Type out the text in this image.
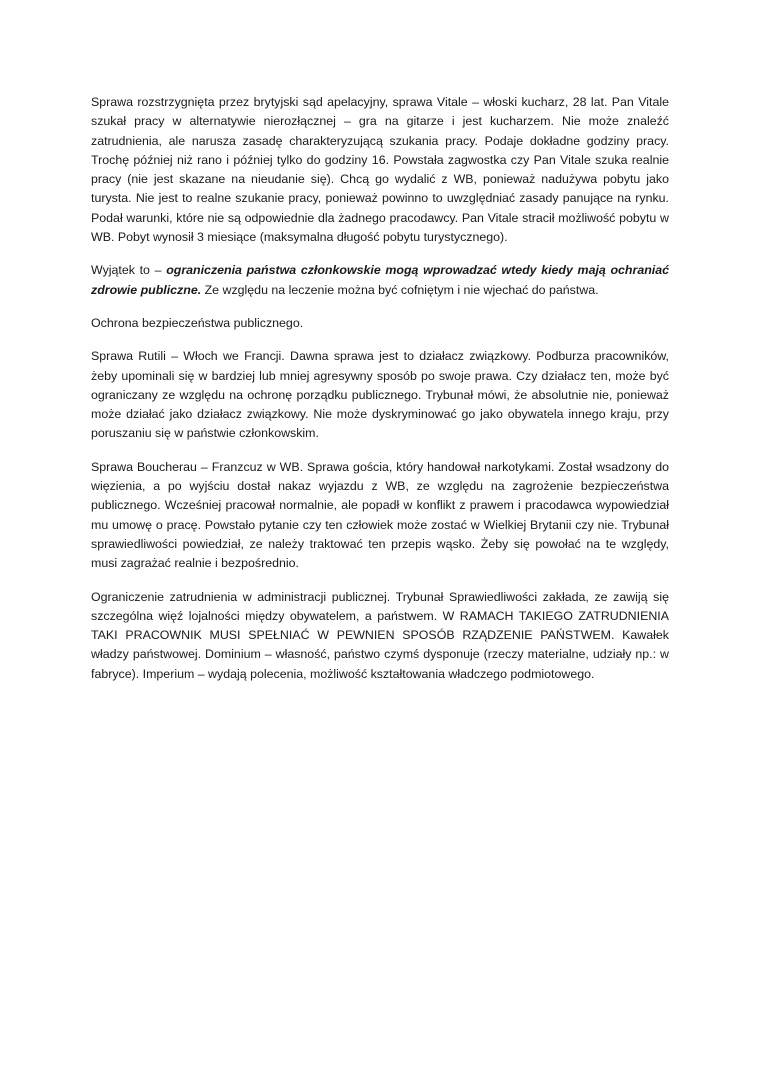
Sprawa rozstrzygnięta przez brytyjski sąd apelacyjny, sprawa Vitale – włoski kucharz, 28 lat. Pan Vitale szukał pracy w alternatywie nierozłącznej – gra na gitarze i jest kucharzem. Nie może znaleźć zatrudnienia, ale narusza zasadę charakteryzującą szukania pracy. Podaje dokładne godziny pracy. Trochę później niż rano i później tylko do godziny 16. Powstała zagwostka czy Pan Vitale szuka realnie pracy (nie jest skazane na nieudanie się). Chcą go wydalić z WB, ponieważ nadużywa pobytu jako turysta. Nie jest to realne szukanie pracy, ponieważ powinno to uwzględniać zasady panujące na rynku. Podał warunki, które nie są odpowiednie dla żadnego pracodawcy. Pan Vitale stracił możliwość pobytu w WB. Pobyt wynosił 3 miesiące (maksymalna długość pobytu turystycznego).

Wyjątek to – ograniczenia państwa członkowskie mogą wprowadzać wtedy kiedy mają ochraniać zdrowie publiczne. Ze względu na leczenie można być cofniętym i nie wjechać do państwa.

Ochrona bezpieczeństwa publicznego.

Sprawa Rutili – Włoch we Francji. Dawna sprawa jest to działacz związkowy. Podburza pracowników, żeby upominali się w bardziej lub mniej agresywny sposób po swoje prawa. Czy działacz ten, może być ograniczany ze względu na ochronę porządku publicznego. Trybunał mówi, że absolutnie nie, ponieważ może działać jako działacz związkowy. Nie może dyskryminować go jako obywatela innego kraju, przy poruszaniu się w państwie członkowskim.

Sprawa Boucherau – Franzcuz w WB. Sprawa gościa, który handował narkotykami. Został wsadzony do więzienia, a po wyjściu dostał nakaz wyjazdu z WB, ze względu na zagrożenie bezpieczeństwa publicznego. Wcześniej pracował normalnie, ale popadł w konflikt z prawem i pracodawca wypowiedział mu umowę o pracę. Powstało pytanie czy ten człowiek może zostać w Wielkiej Brytanii czy nie. Trybunał sprawiedliwości powiedział, ze należy traktować ten przepis wąsko. Żeby się powołać na te względy, musi zagrażać realnie i bezpośrednio.

Ograniczenie zatrudnienia w administracji publicznej. Trybunał Sprawiedliwości zakłada, ze zawiją się szczególna więź lojalności między obywatelem, a państwem. W RAMACH TAKIEGO ZATRUDNIENIA TAKI PRACOWNIK MUSI SPEŁNIAĆ W PEWNIEN SPOSÓB RZĄDZENIE PAŃSTWEM. Kawałek władzy państwowej. Dominium – własność, państwo czymś dysponuje (rzeczy materialne, udziały np.: w fabryce). Imperium – wydają polecenia, możliwość kształtowania władczego podmiotowego.
